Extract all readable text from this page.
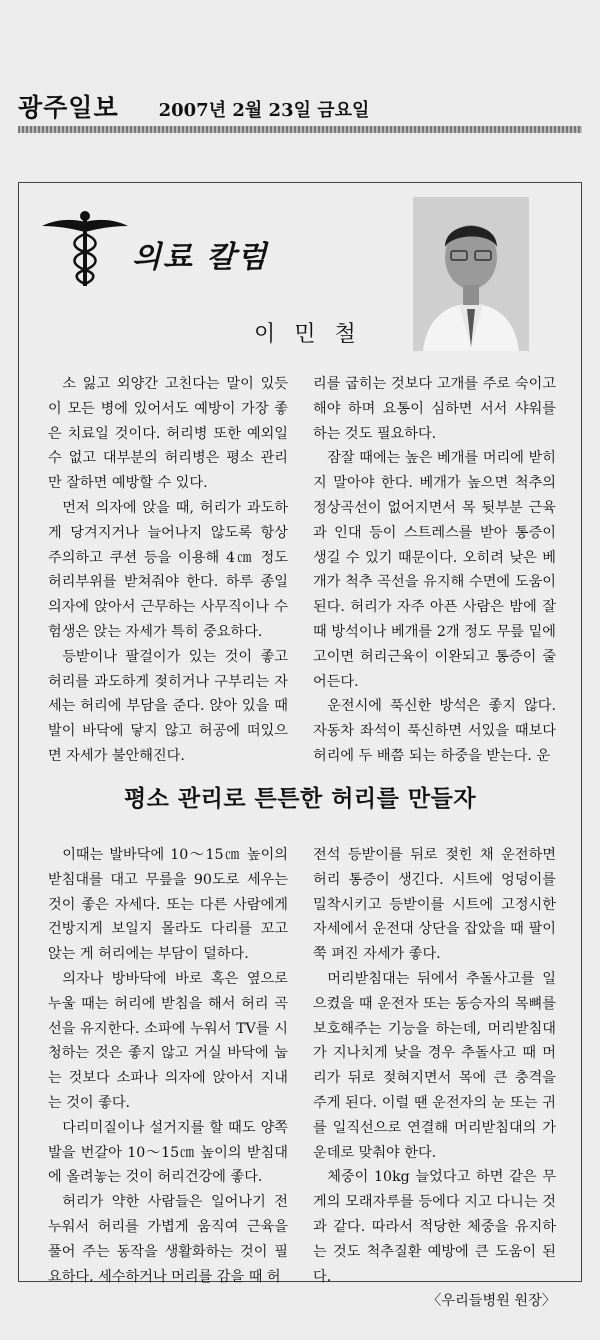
광주일보 2007년 2월 23일 금요일
의료 칼럼
이 민 철

소 잃고 외양간 고친다는 말이 있듯이 모든 병에 있어서도 예방이 가장 좋은 치료일 것이다. 허리병 또한 예외일 수 없고 대부분의 허리병은 평소 관리만 잘하면 예방할 수 있다.

먼저 의자에 앉을 때, 허리가 과도하게 당겨지거나 늘어나지 않도록 항상 주의하고 쿠션 등을 이용해 4㎝ 정도 허리부위를 받쳐줘야 한다. 하루 종일 의자에 앉아서 근무하는 사무직이나 수험생은 앉는 자세가 특히 중요하다.

등받이나 팔걸이가 있는 것이 좋고 허리를 과도하게 젖히거나 구부리는 자세는 허리에 부담을 준다. 앉아 있을 때 발이 바닥에 닿지 않고 허공에 떠있으면 자세가 불안해진다.

리를 굽히는 것보다 고개를 주로 숙이고 해야 하며 요통이 심하면 서서 샤워를 하는 것도 필요하다.

잠잘 때에는 높은 베개를 머리에 받히지 말아야 한다. 베개가 높으면 척추의 정상곡선이 없어지면서 목 뒷부분 근육과 인대 등이 스트레스를 받아 통증이 생길 수 있기 때문이다. 오히려 낮은 베개가 척추 곡선을 유지해 수면에 도움이 된다. 허리가 자주 아픈 사람은 밤에 잘 때 방석이나 베개를 2개 정도 무릎 밑에 고이면 허리근육이 이완되고 통증이 줄어든다.

운전시에 푹신한 방석은 좋지 않다. 자동차 좌석이 푹신하면 서있을 때보다 허리에 두 배쯤 되는 하중을 받는다. 운

평소 관리로 튼튼한 허리를 만들자

이때는 발바닥에 10～15㎝ 높이의 받침대를 대고 무릎을 90도로 세우는 것이 좋은 자세다. 또는 다른 사람에게 건방지게 보일지 몰라도 다리를 꼬고 앉는 게 허리에는 부담이 덜하다.

의자나 방바닥에 바로 혹은 옆으로 누울 때는 허리에 받침을 해서 허리 곡선을 유지한다. 소파에 누워서 TV를 시청하는 것은 좋지 않고 거실 바닥에 눕는 것보다 소파나 의자에 앉아서 지내는 것이 좋다.

다리미질이나 설거지를 할 때도 양쪽 발을 번갈아 10～15㎝ 높이의 받침대에 올려놓는 것이 허리건강에 좋다.

허리가 약한 사람들은 일어나기 전 누워서 허리를 가볍게 움직여 근육을 풀어 주는 동작을 생활화하는 것이 필요하다. 세수하거나 머리를 감을 때 허

전석 등받이를 뒤로 젖힌 채 운전하면 허리 통증이 생긴다. 시트에 엉덩이를 밀착시키고 등받이를 시트에 고정시한 자세에서 운전대 상단을 잡았을 때 팔이 쭉 펴진 자세가 좋다.

머리받침대는 뒤에서 추돌사고를 일으켰을 때 운전자 또는 동승자의 목뼈를 보호해주는 기능을 하는데, 머리받침대가 지나치게 낮을 경우 추돌사고 때 머리가 뒤로 젖혀지면서 목에 큰 충격을 주게 된다. 이럴 땐 운전자의 눈 또는 귀를 일직선으로 연결해 머리받침대의 가운데로 맞춰야 한다.

체중이 10kg 늘었다고 하면 같은 무게의 모래자루를 등에다 지고 다니는 것과 같다. 따라서 적당한 체중을 유지하는 것도 척추질환 예방에 큰 도움이 된다.

〈우리들병원 원장〉
